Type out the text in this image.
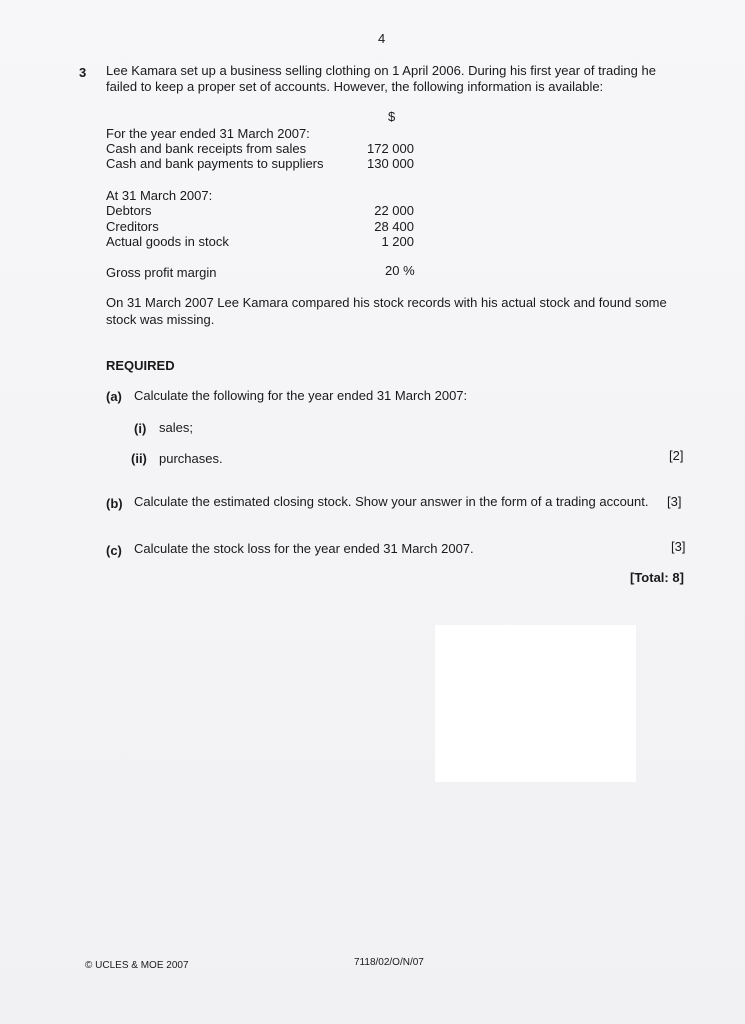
4
3 Lee Kamara set up a business selling clothing on 1 April 2006. During his first year of trading he
failed to keep a proper set of accounts. However, the following information is available:
$
For the year ended 31 March 2007:
Cash and bank receipts from sales	172 000
Cash and bank payments to suppliers	130 000
At 31 March 2007:
Debtors	22 000
Creditors	28 400
Actual goods in stock	1 200
Gross profit margin	20 %
On 31 March 2007 Lee Kamara compared his stock records with his actual stock and found some
stock was missing.
REQUIRED
(a) Calculate the following for the year ended 31 March 2007:
(i) sales;
(ii) purchases.	[2]
(b) Calculate the estimated closing stock. Show your answer in the form of a trading account. [3]
(c) Calculate the stock loss for the year ended 31 March 2007.	[3]
[Total: 8]
© UCLES & MOE 2007	7118/02/O/N/07
